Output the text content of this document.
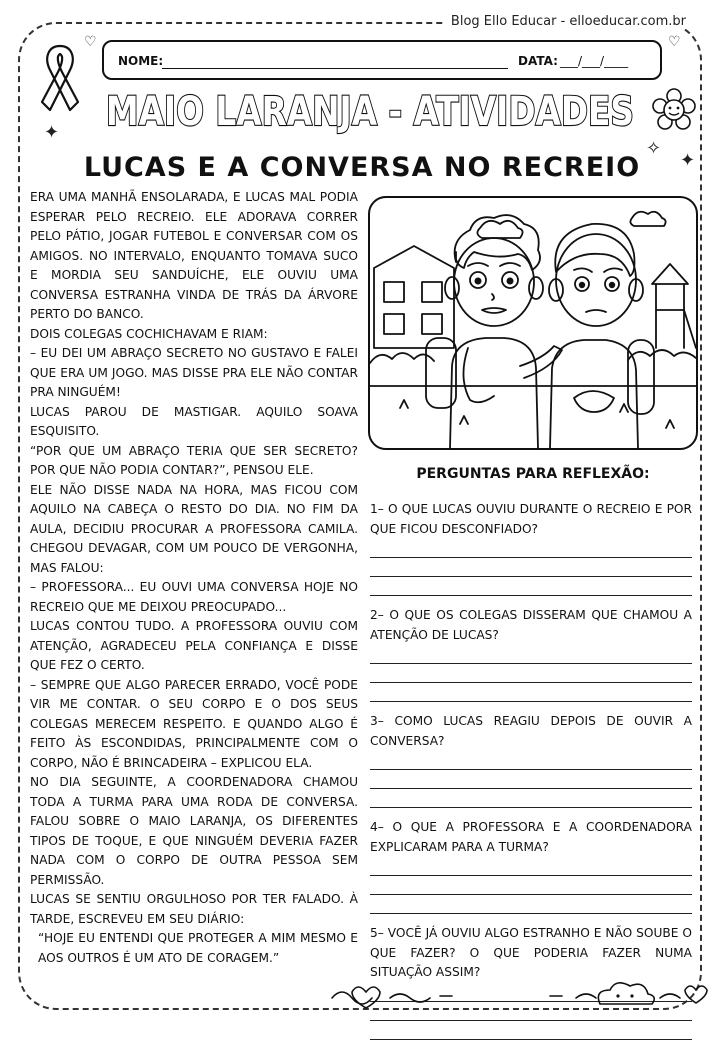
Blog Ello Educar - elloeducar.com.br
♡	♡
NOME:	DATA: ___/___/____
MAIO LARANJA - ATIVIDADES
✦
✧
✦
LUCAS E A CONVERSA NO RECREIO

ERA UMA MANHÃ ENSOLARADA, E LUCAS MAL PODIA ESPERAR PELO RECREIO. ELE ADORAVA CORRER PELO PÁTIO, JOGAR FUTEBOL E CONVERSAR COM OS AMIGOS. NO INTERVALO, ENQUANTO TOMAVA SUCO E MORDIA SEU SANDUÍCHE, ELE OUVIU UMA CONVERSA ESTRANHA VINDA DE TRÁS DA ÁRVORE PERTO DO BANCO.

DOIS COLEGAS COCHICHAVAM E RIAM:

– EU DEI UM ABRAÇO SECRETO NO GUSTAVO E FALEI QUE ERA UM JOGO. MAS DISSE PRA ELE NÃO CONTAR PRA NINGUÉM!

LUCAS PAROU DE MASTIGAR. AQUILO SOAVA ESQUISITO.

“POR QUE UM ABRAÇO TERIA QUE SER SECRETO? POR QUE NÃO PODIA CONTAR?”, PENSOU ELE.

ELE NÃO DISSE NADA NA HORA, MAS FICOU COM AQUILO NA CABEÇA O RESTO DO DIA. NO FIM DA AULA, DECIDIU PROCURAR A PROFESSORA CAMILA. CHEGOU DEVAGAR, COM UM POUCO DE VERGONHA, MAS FALOU:

– PROFESSORA... EU OUVI UMA CONVERSA HOJE NO RECREIO QUE ME DEIXOU PREOCUPADO...

LUCAS CONTOU TUDO. A PROFESSORA OUVIU COM ATENÇÃO, AGRADECEU PELA CONFIANÇA E DISSE QUE FEZ O CERTO.

– SEMPRE QUE ALGO PARECER ERRADO, VOCÊ PODE VIR ME CONTAR. O SEU CORPO E O DOS SEUS COLEGAS MERECEM RESPEITO. E QUANDO ALGO É FEITO ÀS ESCONDIDAS, PRINCIPALMENTE COM O CORPO, NÃO É BRINCADEIRA – EXPLICOU ELA.

NO DIA SEGUINTE, A COORDENADORA CHAMOU TODA A TURMA PARA UMA RODA DE CONVERSA. FALOU SOBRE O MAIO LARANJA, OS DIFERENTES TIPOS DE TOQUE, E QUE NINGUÉM DEVERIA FAZER NADA COM O CORPO DE OUTRA PESSOA SEM PERMISSÃO.

LUCAS SE SENTIU ORGULHOSO POR TER FALADO. À TARDE, ESCREVEU EM SEU DIÁRIO:

“HOJE EU ENTENDI QUE PROTEGER A MIM MESMO E AOS OUTROS É UM ATO DE CORAGEM.”

PERGUNTAS PARA REFLEXÃO:

1– O QUE LUCAS OUVIU DURANTE O RECREIO E POR QUE FICOU DESCONFIADO?

2– O QUE OS COLEGAS DISSERAM QUE CHAMOU A ATENÇÃO DE LUCAS?

3– COMO LUCAS REAGIU DEPOIS DE OUVIR A CONVERSA?

4– O QUE A PROFESSORA E A COORDENADORA EXPLICARAM PARA A TURMA?

5– VOCÊ JÁ OUVIU ALGO ESTRANHO E NÃO SOUBE O QUE FAZER? O QUE PODERIA FAZER NUMA SITUAÇÃO ASSIM?
